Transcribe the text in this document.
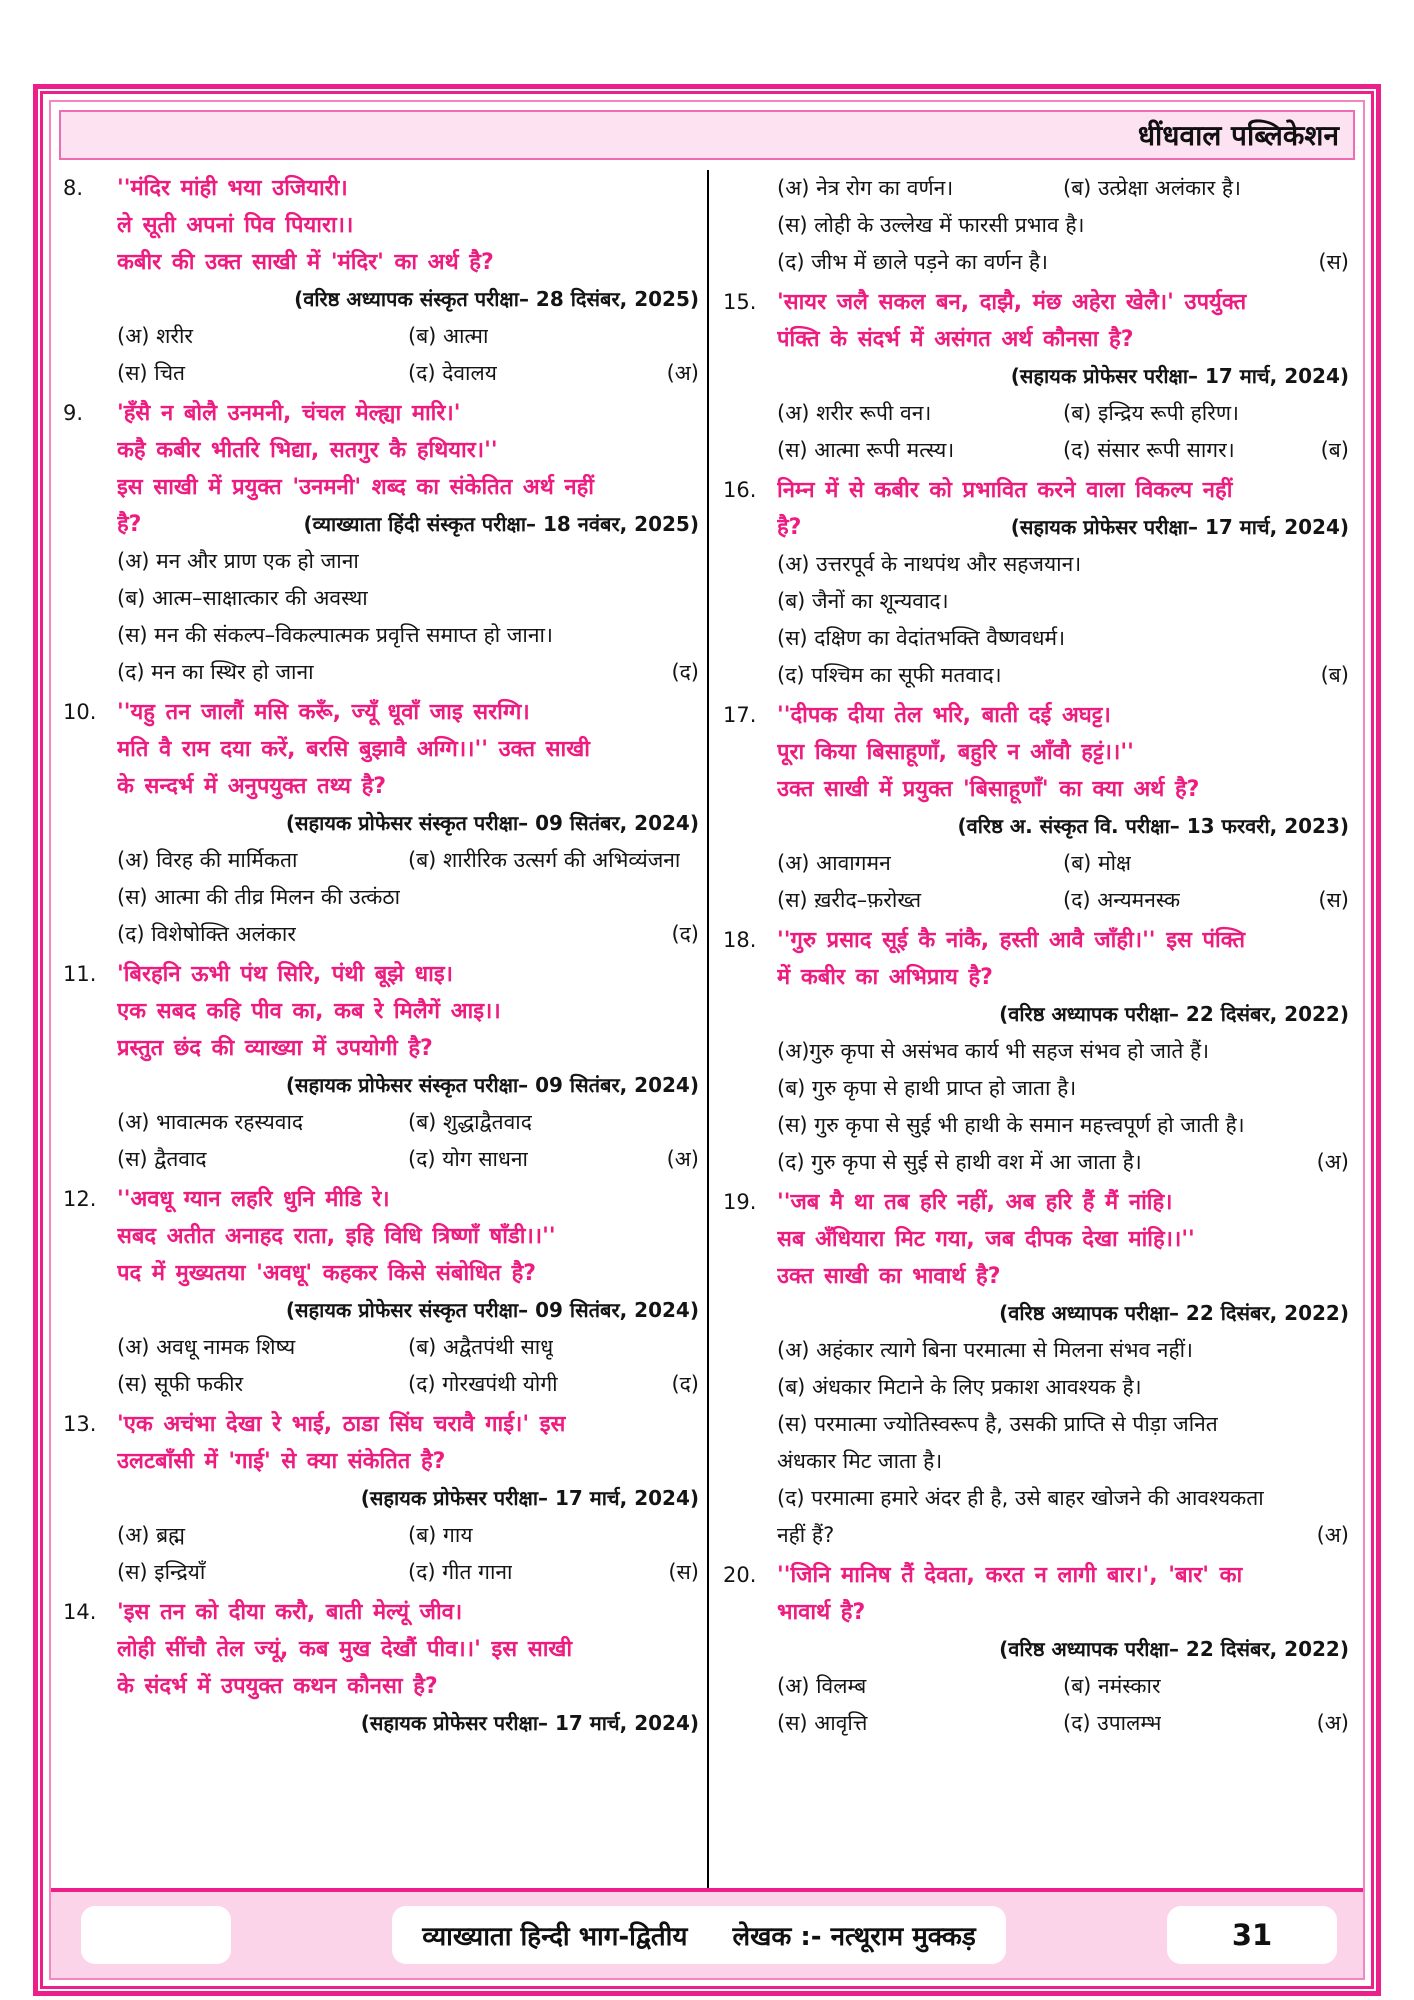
धींधवाल पब्लिकेशन
8.	''मंदिर मांही भया उजियारी।
ले सूती अपनां पिव पियारा।।
कबीर की उक्त साखी में 'मंदिर' का अर्थ है?
(वरिष्ठ अध्यापक संस्कृत परीक्षा– 28 दिसंबर, 2025)
(अ) शरीर	(ब) आत्मा
(स) चित	(द) देवालय	(अ)
9.	'हँसै न बोलै उनमनी, चंचल मेल्ह्या मारि।'
कहै कबीर भीतरि भिद्या, सतगुर कै हथियार।''
इस साखी में प्रयुक्त 'उनमनी' शब्द का संकेतित अर्थ नहीं
है?	(व्याख्याता हिंदी संस्कृत परीक्षा– 18 नवंबर, 2025)
(अ) मन और प्राण एक हो जाना
(ब) आत्म–साक्षात्कार की अवस्था
(स) मन की संकल्प–विकल्पात्मक प्रवृत्ति समाप्त हो जाना।
(द) मन का स्थिर हो जाना	(द)
10. ''यहु तन जालौं मसि करूँ, ज्यूँ धूवाँ जाइ सरग्गि।
मति वै राम दया करें, बरसि बुझावै अग्गि।।'' उक्त साखी
के सन्दर्भ में अनुपयुक्त तथ्य है?
(सहायक प्रोफेसर संस्कृत परीक्षा– 09 सितंबर, 2024)
(अ) विरह की मार्मिकता	(ब) शारीरिक उत्सर्ग की अभिव्यंजना
(स) आत्मा की तीव्र मिलन की उत्कंठा
(द) विशेषोक्ति अलंकार	(द)
11. 'बिरहनि ऊभी पंथ सिरि, पंथी बूझे धाइ।
एक सबद कहि पीव का, कब रे मिलैगें आइ।।
प्रस्तुत छंद की व्याख्या में उपयोगी है?
(सहायक प्रोफेसर संस्कृत परीक्षा– 09 सितंबर, 2024)
(अ) भावात्मक रहस्यवाद	(ब) शुद्धाद्वैतवाद
(स) द्वैतवाद	(द) योग साधना	(अ)
12. ''अवधू ग्यान लहरि धुनि मीडि रे।
सबद अतीत अनाहद राता, इहि विधि त्रिष्णाँ षाँडी।।''
पद में मुख्यतया 'अवधू' कहकर किसे संबोधित है?
(सहायक प्रोफेसर संस्कृत परीक्षा– 09 सितंबर, 2024)
(अ) अवधू नामक शिष्य	(ब) अद्वैतपंथी साधू
(स) सूफी फकीर	(द) गोरखपंथी योगी	(द)
13. 'एक अचंभा देखा रे भाई, ठाडा सिंघ चरावै गाई।' इस
उलटबाँसी में 'गाई' से क्या संकेतित है?
(सहायक प्रोफेसर परीक्षा– 17 मार्च, 2024)
(अ) ब्रह्म	(ब) गाय
(स) इन्द्रियाँ	(द) गीत गाना	(स)
14. 'इस तन को दीया करौ, बाती मेल्यूं जीव।
लोही सींचौ तेल ज्यूं, कब मुख देखौं पीव।।' इस साखी
के संदर्भ में उपयुक्त कथन कौनसा है?
(सहायक प्रोफेसर परीक्षा– 17 मार्च, 2024)
(अ) नेत्र रोग का वर्णन।	(ब) उत्प्रेक्षा अलंकार है।
(स) लोही के उल्लेख में फारसी प्रभाव है।
(द) जीभ में छाले पड़ने का वर्णन है।	(स)
15. 'सायर जलै सकल बन, दाझै, मंछ अहेरा खेलै।' उपर्युक्त
पंक्ति के संदर्भ में असंगत अर्थ कौनसा है?
(सहायक प्रोफेसर परीक्षा– 17 मार्च, 2024)
(अ) शरीर रूपी वन।	(ब) इन्द्रिय रूपी हरिण।
(स) आत्मा रूपी मत्स्य।	(द) संसार रूपी सागर।	(ब)
16. निम्न में से कबीर को प्रभावित करने वाला विकल्प नहीं
है?	(सहायक प्रोफेसर परीक्षा– 17 मार्च, 2024)
(अ) उत्तरपूर्व के नाथपंथ और सहजयान।
(ब) जैनों का शून्यवाद।
(स) दक्षिण का वेदांतभक्ति वैष्णवधर्म।
(द) पश्चिम का सूफी मतवाद।	(ब)
17. ''दीपक दीया तेल भरि, बाती दई अघट्ट।
पूरा किया बिसाहूणाँ, बहुरि न आँवौ हट्टं।।''
उक्त साखी में प्रयुक्त 'बिसाहूणाँ' का क्या अर्थ है?
(वरिष्ठ अ. संस्कृत वि. परीक्षा– 13 फरवरी, 2023)
(अ) आवागमन	(ब) मोक्ष
(स) ख़रीद–फ़रोख्त	(द) अन्यमनस्क	(स)
18. ''गुरु प्रसाद सूई कै नांकै, हस्ती आवै जाँही।'' इस पंक्ति
में कबीर का अभिप्राय है?
(वरिष्ठ अध्यापक परीक्षा– 22 दिसंबर, 2022)
(अ)गुरु कृपा से असंभव कार्य भी सहज संभव हो जाते हैं।
(ब) गुरु कृपा से हाथी प्राप्त हो जाता है।
(स) गुरु कृपा से सुई भी हाथी के समान महत्त्वपूर्ण हो जाती है।
(द) गुरु कृपा से सुई से हाथी वश में आ जाता है।	(अ)
19. ''जब मै था तब हरि नहीं, अब हरि हैं मैं नांहि।
सब अँधियारा मिट गया, जब दीपक देखा मांहि।।''
उक्त साखी का भावार्थ है?
(वरिष्ठ अध्यापक परीक्षा– 22 दिसंबर, 2022)
(अ) अहंकार त्यागे बिना परमात्मा से मिलना संभव नहीं।
(ब) अंधकार मिटाने के लिए प्रकाश आवश्यक है।
(स) परमात्मा ज्योतिस्वरूप है, उसकी प्राप्ति से पीड़ा जनित
अंधकार मिट जाता है।
(द) परमात्मा हमारे अंदर ही है, उसे बाहर खोजने की आवश्यकता
नहीं हैं?	(अ)
20. ''जिनि मानिष तैं देवता, करत न लागी बार।', 'बार' का
भावार्थ है?
(वरिष्ठ अध्यापक परीक्षा– 22 दिसंबर, 2022)
(अ) विलम्ब	(ब) नमंस्कार
(स) आवृत्ति	(द) उपालम्भ	(अ)
व्याख्याता हिन्दी भाग-द्वितीय लेखक :- नत्थूराम मुक्कड़	31
